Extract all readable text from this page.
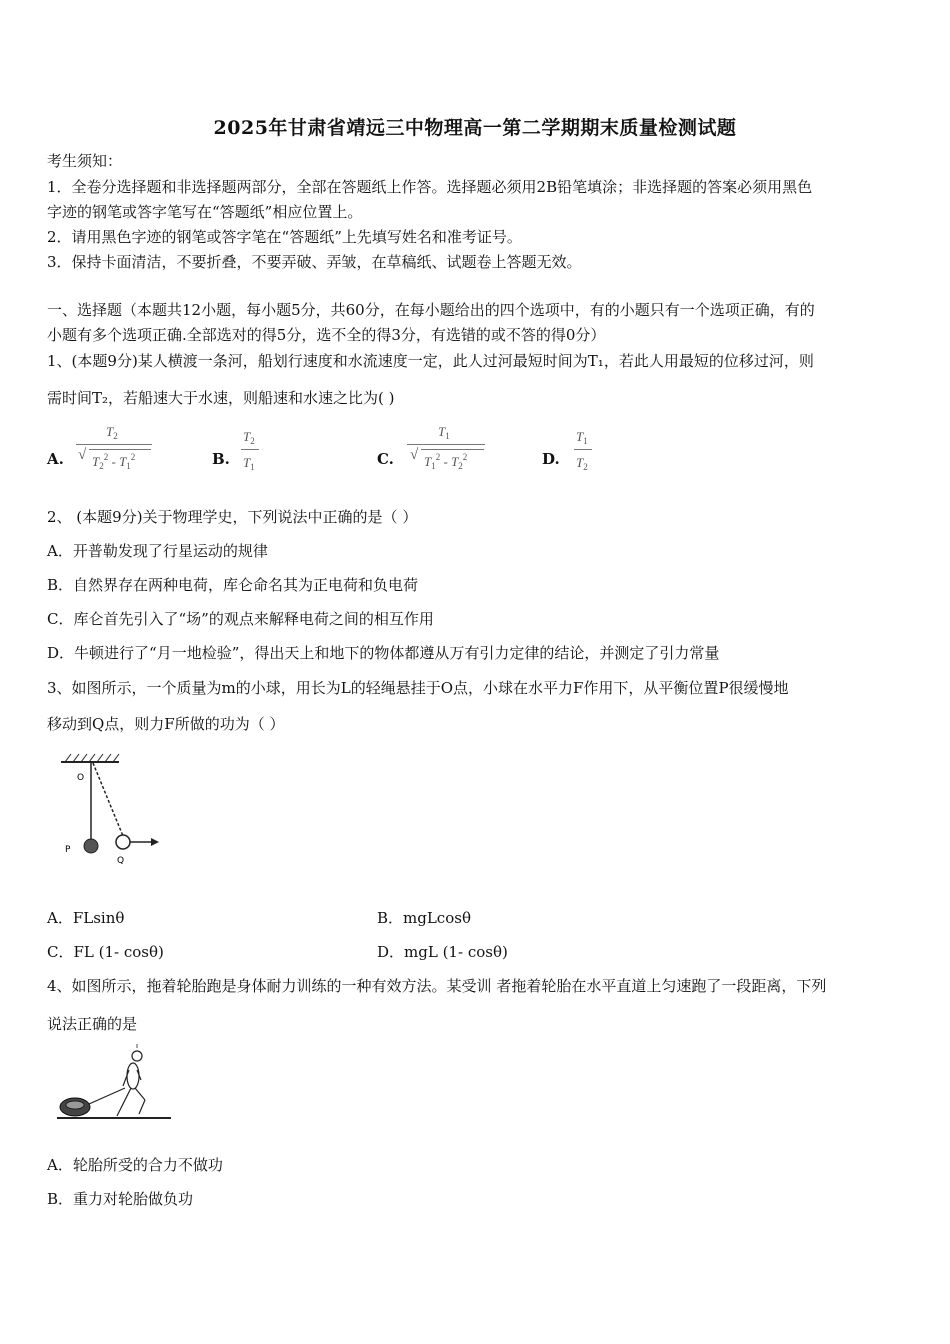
2025年甘肃省靖远三中物理高一第二学期期末质量检测试题
考生须知：
1．全卷分选择题和非选择题两部分，全部在答题纸上作答。选择题必须用2B铅笔填涂；非选择题的答案必须用黑色
字迹的钢笔或答字笔写在“答题纸”相应位置上。
2．请用黑色字迹的钢笔或答字笔在“答题纸”上先填写姓名和准考证号。
3．保持卡面清洁，不要折叠，不要弄破、弄皱，在草稿纸、试题卷上答题无效。
一、选择题（本题共12小题，每小题5分，共60分，在每小题给出的四个选项中，有的小题只有一个选项正确，有的
小题有多个选项正确.全部选对的得5分，选不全的得3分，有选错的或不答的得0分）
1、(本题9分)某人横渡一条河，船划行速度和水流速度一定，此人过河最短时间为T₁，若此人用最短的位移过河，则
需时间T₂，若船速大于水速，则船速和水速之比为( )
A.
$T_2$
√ $T_2^2 - T_1^2$	B.
$T_2$
$T_1$	C.
$T_1$
√ $T_1^2 - T_2^2$	D.
$T_1$
$T_2$
2、 (本题9分)关于物理学史，下列说法中正确的是（ ）
A．开普勒发现了行星运动的规律
B．自然界存在两种电荷，库仑命名其为正电荷和负电荷
C．库仑首先引入了“场”的观点来解释电荷之间的相互作用
D．牛顿进行了“月一地检验”，得出天上和地下的物体都遵从万有引力定律的结论，并测定了引力常量
3、如图所示，一个质量为m的小球，用长为L的轻绳悬挂于O点，小球在水平力F作用下，从平衡位置P很缓慢地
移动到Q点，则力F所做的功为（ ）
O
P
Q
A．FLsinθ	B．mgLcosθ
C．FL (1- cosθ)	D．mgL (1- cosθ)
4、如图所示，拖着轮胎跑是身体耐力训练的一种有效方法。某受训 者拖着轮胎在水平直道上匀速跑了一段距离，下列
说法正确的是
A．轮胎所受的合力不做功
B．重力对轮胎做负功
